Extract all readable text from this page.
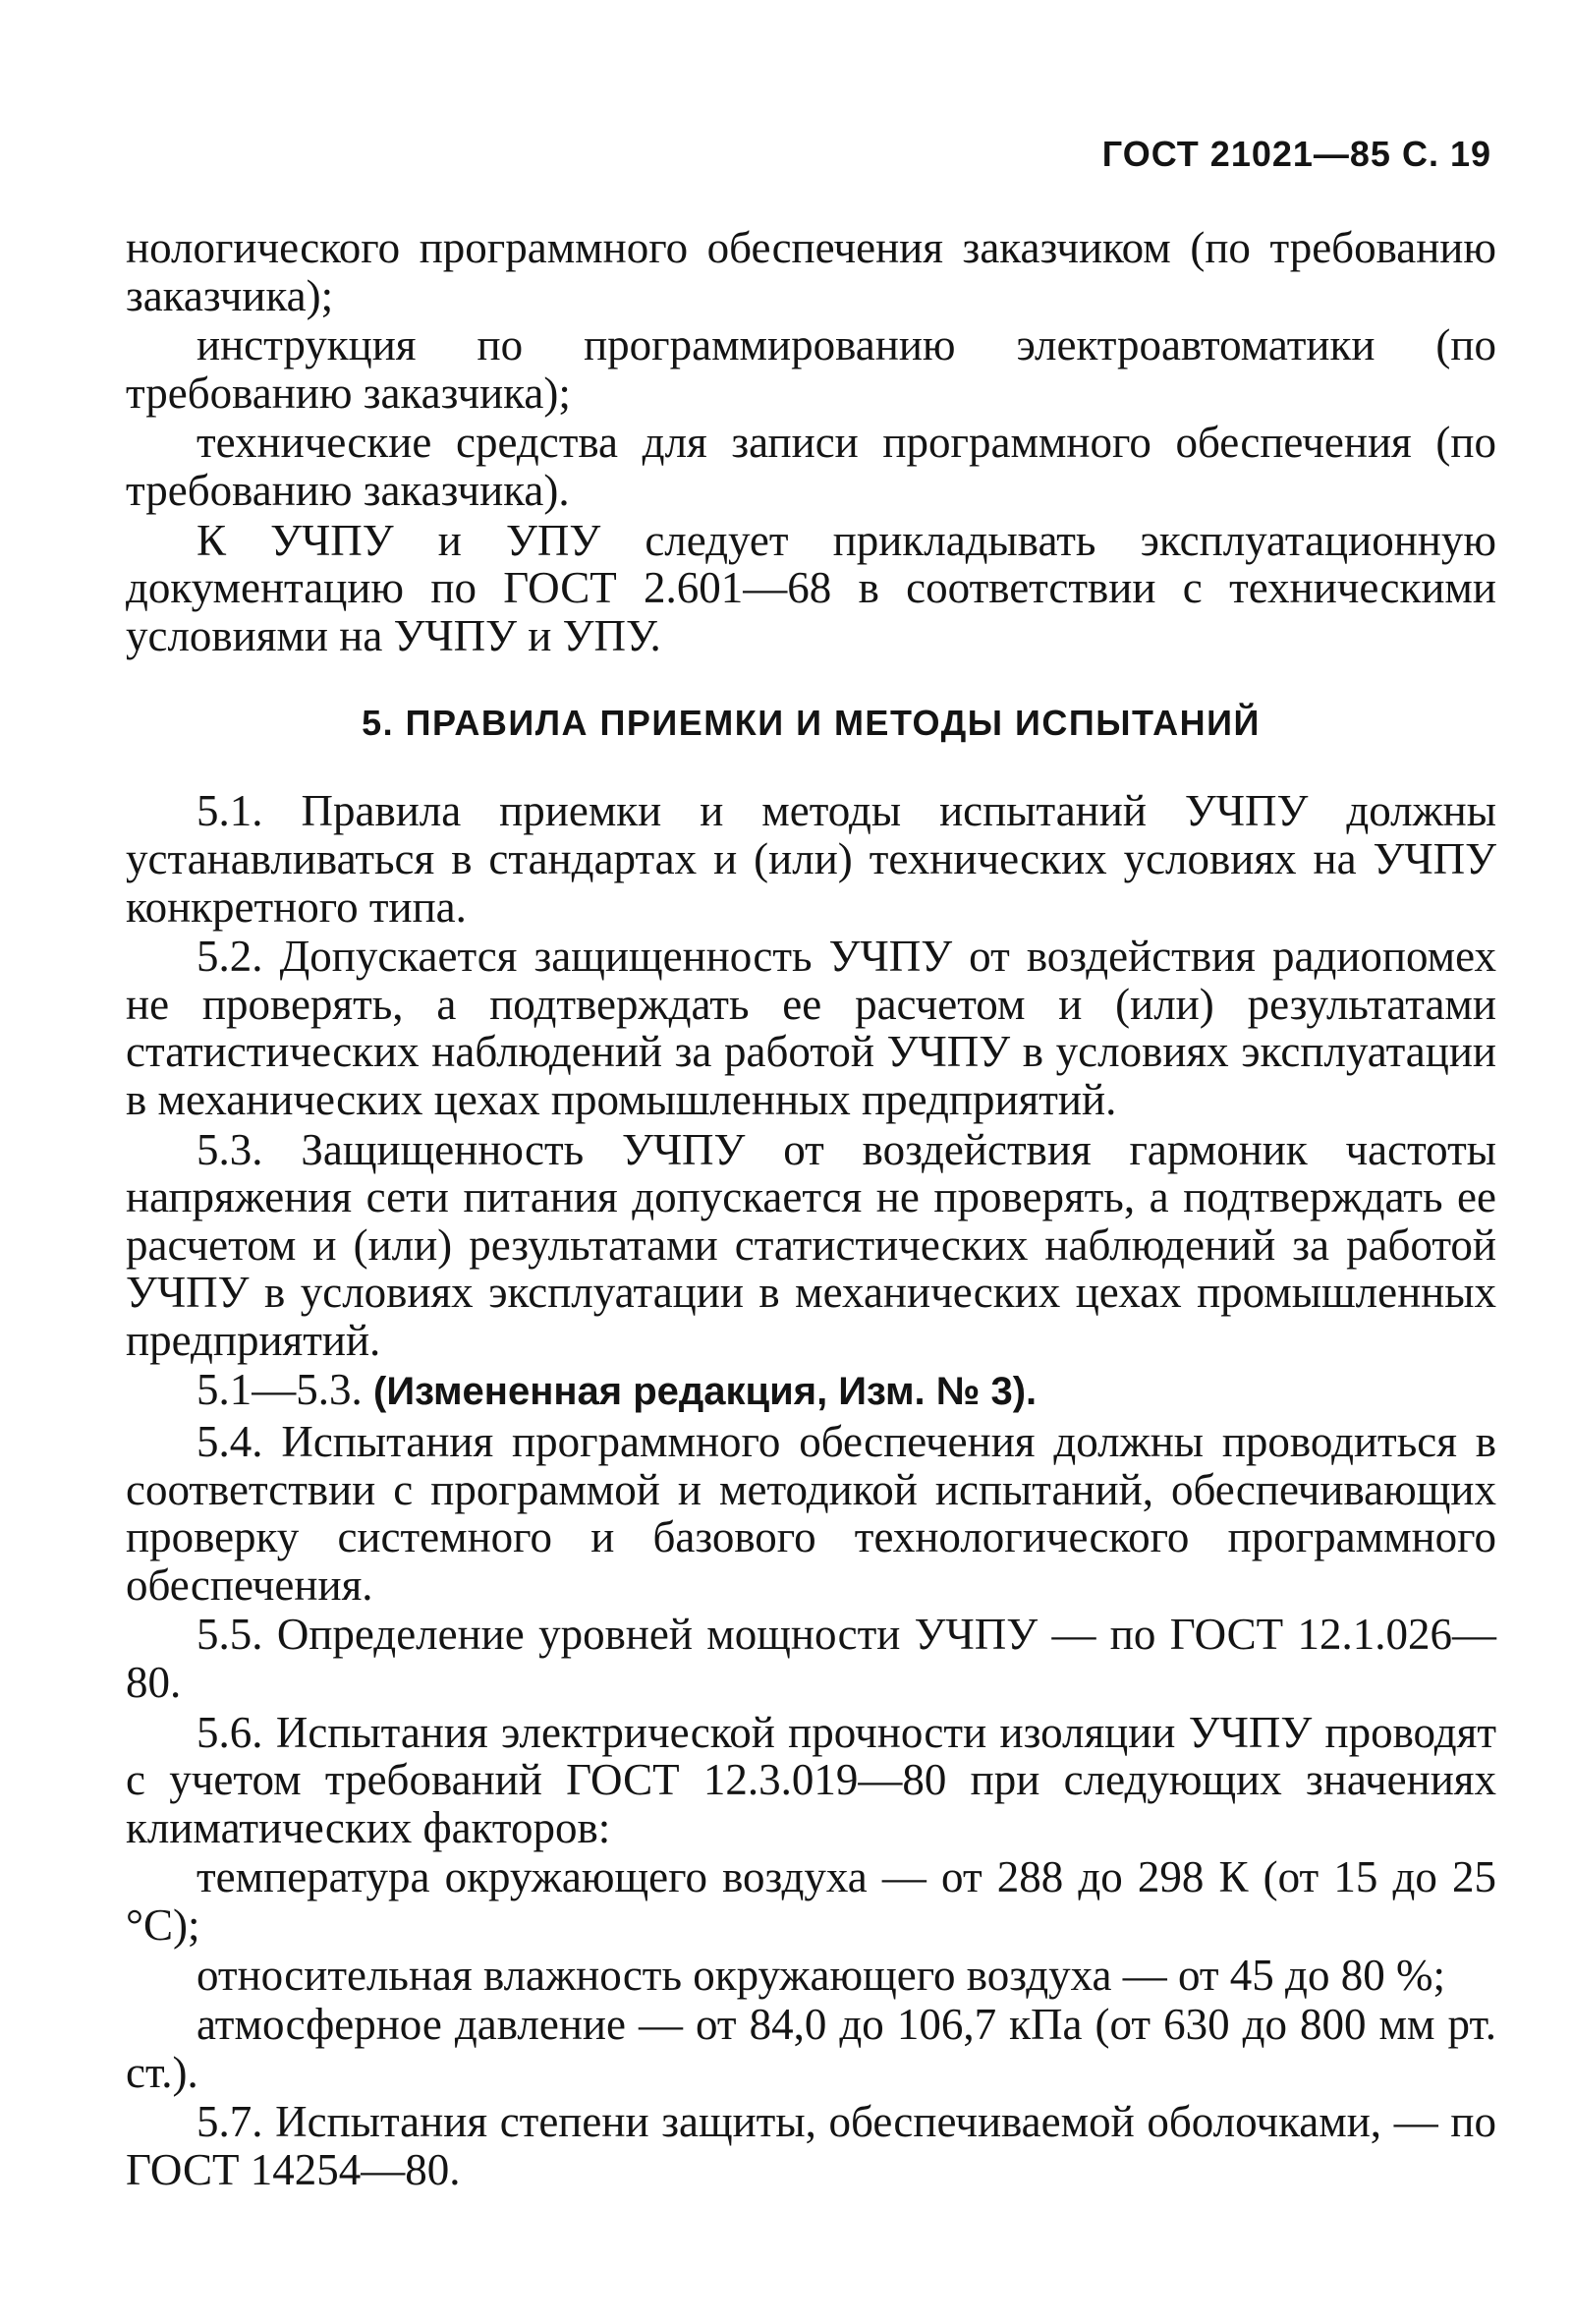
ГОСТ 21021—85 С. 19

нологического программного обеспечения заказчиком (по требованию заказчика);

инструкция по программированию электроавтоматики (по требованию заказчика);

технические средства для записи программного обеспечения (по требованию заказчика).

К УЧПУ и УПУ следует прикладывать эксплуатационную документацию по ГОСТ 2.601—68 в соответствии с техническими условиями на УЧПУ и УПУ.

5. ПРАВИЛА ПРИЕМКИ И МЕТОДЫ ИСПЫТАНИЙ

5.1. Правила приемки и методы испытаний УЧПУ должны устанавливаться в стандартах и (или) технических условиях на УЧПУ конкретного типа.

5.2. Допускается защищенность УЧПУ от воздействия радиопомех не проверять, а подтверждать ее расчетом и (или) результатами статистических наблюдений за работой УЧПУ в условиях эксплуатации в механических цехах промышленных предприятий.

5.3. Защищенность УЧПУ от воздействия гармоник частоты напряжения сети питания допускается не проверять, а подтверждать ее расчетом и (или) результатами статистических наблюдений за работой УЧПУ в условиях эксплуатации в механических цехах промышленных предприятий.

5.1—5.3. (Измененная редакция, Изм. № 3).

5.4. Испытания программного обеспечения должны проводиться в соответствии с программой и методикой испытаний, обеспечивающих проверку системного и базового технологического программного обеспечения.

5.5. Определение уровней мощности УЧПУ — по ГОСТ 12.1.026—80.

5.6. Испытания электрической прочности изоляции УЧПУ проводят с учетом требований ГОСТ 12.3.019—80 при следующих значениях климатических факторов:

температура окружающего воздуха — от 288 до 298 К (от 15 до 25 °С);

относительная влажность окружающего воздуха — от 45 до 80 %;

атмосферное давление — от 84,0 до 106,7 кПа (от 630 до 800 мм рт. ст.).

5.7. Испытания степени защиты, обеспечиваемой оболочками, — по ГОСТ 14254—80.
